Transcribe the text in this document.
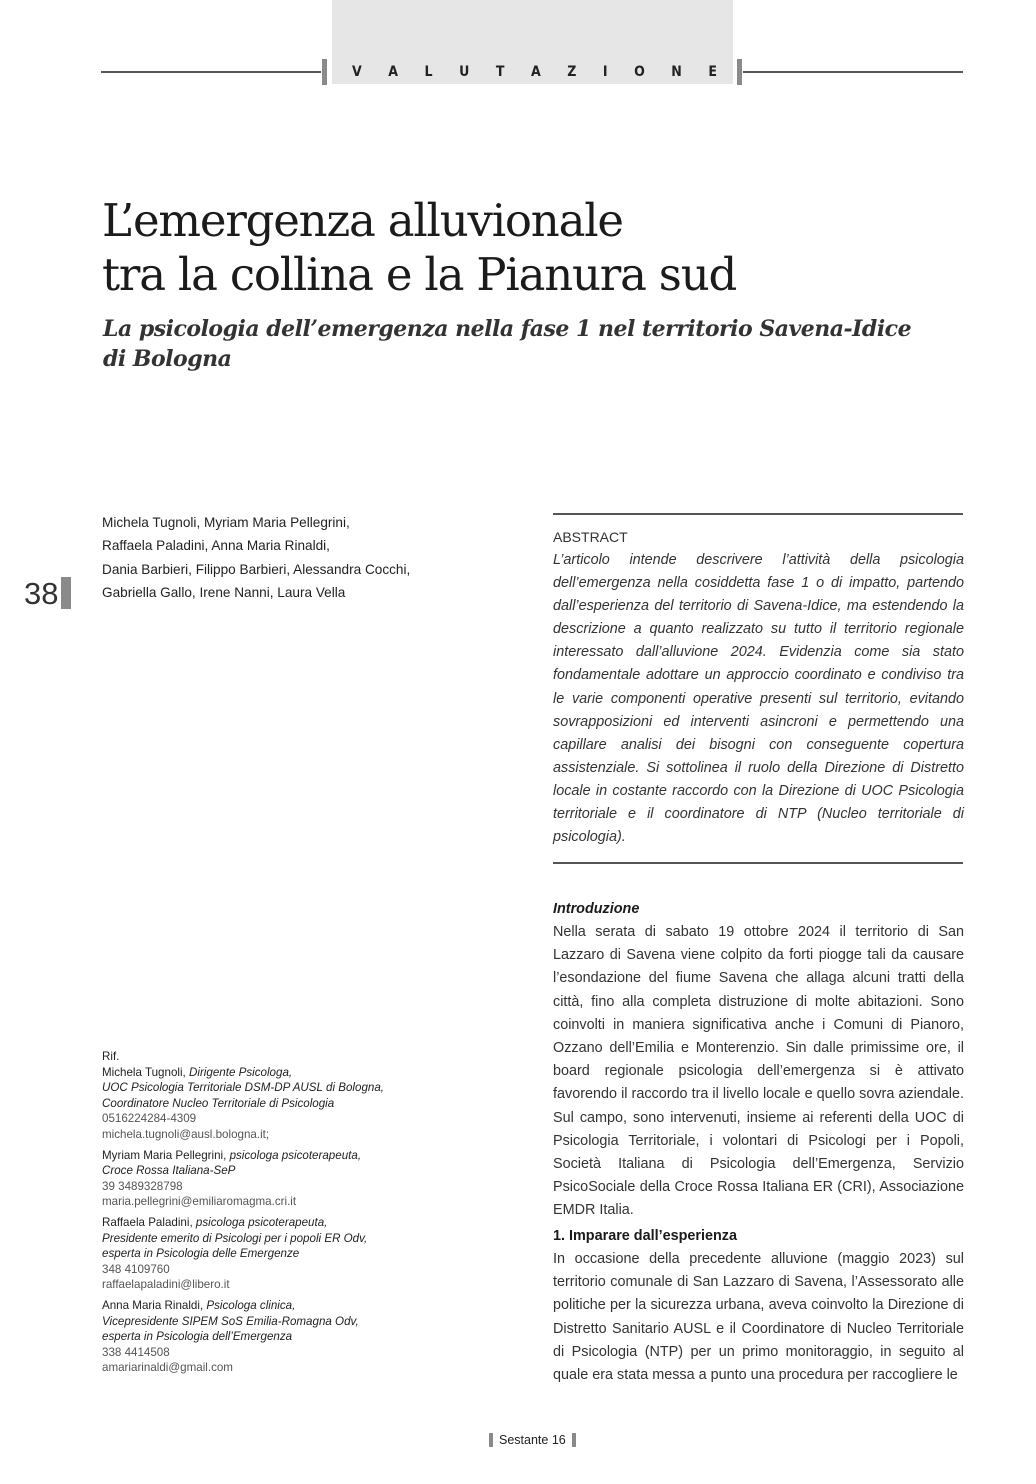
V A L U T A Z I O N E
L’emergenza alluvionale
tra la collina e la Pianura sud
La psicologia dell’emergenza nella fase 1 nel territorio Savena-Idice
di Bologna
38
Michela Tugnoli, Myriam Maria Pellegrini,
Raffaela Paladini, Anna Maria Rinaldi,
Dania Barbieri, Filippo Barbieri, Alessandra Cocchi,
Gabriella Gallo, Irene Nanni, Laura Vella
ABSTRACT
L’articolo intende descrivere l’attività della psicologia dell’emergenza nella cosiddetta fase 1 o di impatto, partendo dall’esperienza del territorio di Savena-Idice, ma estendendo la descrizione a quanto realizzato su tutto il territorio regionale interessato dall’alluvione 2024. Evidenzia come sia stato fondamentale adottare un approccio coordinato e condiviso tra le varie componenti operative presenti sul territorio, evitando sovrapposizioni ed interventi asincroni e permettendo una capillare analisi dei bisogni con conseguente copertura assistenziale. Si sottolinea il ruolo della Direzione di Distretto locale in costante raccordo con la Direzione di UOC Psicologia territoriale e il coordinatore di NTP (Nucleo territoriale di psicologia).
Introduzione

Nella serata di sabato 19 ottobre 2024 il territorio di San Lazzaro di Savena viene colpito da forti piogge tali da causare l’esondazione del fiume Savena che allaga alcuni tratti della città, fino alla completa distruzione di molte abitazioni. Sono coinvolti in maniera significativa anche i Comuni di Pianoro, Ozzano dell’Emilia e Monterenzio. Sin dalle primissime ore, il board regionale psicologia dell’emergenza si è attivato favorendo il raccordo tra il livello locale e quello sovra aziendale. Sul campo, sono intervenuti, insieme ai referenti della UOC di Psicologia Territoriale, i volontari di Psicologi per i Popoli, Società Italiana di Psicologia dell’Emergenza, Servizio PsicoSociale della Croce Rossa Italiana ER (CRI), Associazione EMDR Italia.

1. Imparare dall’esperienza

In occasione della precedente alluvione (maggio 2023) sul territorio comunale di San Lazzaro di Savena, l’Assessorato alle politiche per la sicurezza urbana, aveva coinvolto la Direzione di Distretto Sanitario AUSL e il Coordinatore di Nucleo Territoriale di Psicologia (NTP) per un primo monitoraggio, in seguito al quale era stata messa a punto una procedura per raccogliere le

Rif.
Michela Tugnoli, Dirigente Psicologa,
UOC Psicologia Territoriale DSM-DP AUSL di Bologna,
Coordinatore Nucleo Territoriale di Psicologia
0516224284-4309
michela.tugnoli@ausl.bologna.it;
Myriam Maria Pellegrini, psicologa psicoterapeuta,
Croce Rossa Italiana-SeP
39 3489328798
maria.pellegrini@emiliaromagma.cri.it
Raffaela Paladini, psicologa psicoterapeuta,
Presidente emerito di Psicologi per i popoli ER Odv,
esperta in Psicologia delle Emergenze
348 4109760
raffaelapaladini@libero.it
Anna Maria Rinaldi, Psicologa clinica,
Vicepresidente SIPEM SoS Emilia-Romagna Odv,
esperta in Psicologia dell’Emergenza
338 4414508
amariarinaldi@gmail.com
Sestante 16
